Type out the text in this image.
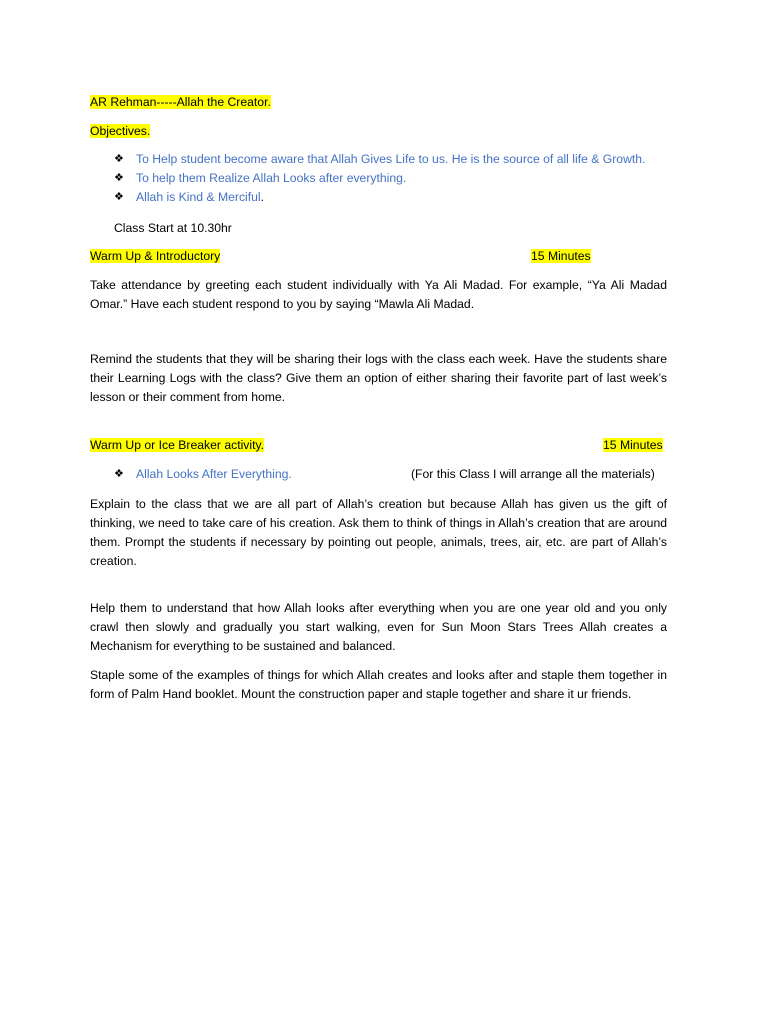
AR Rehman-----Allah the Creator.
Objectives.
❖ To Help student become aware that Allah Gives Life to us. He is the source of all life & Growth.
❖ To help them Realize Allah Looks after everything.
❖ Allah is Kind & Merciful.
Class Start at 10.30hr
Warm Up & Introductory	15 Minutes
Take attendance by greeting each student individually with Ya Ali Madad. For example, “Ya Ali Madad Omar.” Have each student respond to you by saying “Mawla Ali Madad.
Remind the students that they will be sharing their logs with the class each week. Have the students share their Learning Logs with the class? Give them an option of either sharing their favorite part of last week’s lesson or their comment from home.
Warm Up or Ice Breaker activity.	15 Minutes
❖ Allah Looks After Everything.	(For this Class I will arrange all the materials)
Explain to the class that we are all part of Allah’s creation but because Allah has given us the gift of thinking, we need to take care of his creation. Ask them to think of things in Allah’s creation that are around them. Prompt the students if necessary by pointing out people, animals, trees, air, etc. are part of Allah’s creation.
Help them to understand that how Allah looks after everything when you are one year old and you only crawl then slowly and gradually you start walking, even for Sun Moon Stars Trees Allah creates a Mechanism for everything to be sustained and balanced.
Staple some of the examples of things for which Allah creates and looks after and staple them together in form of Palm Hand booklet. Mount the construction paper and staple together and share it ur friends.
